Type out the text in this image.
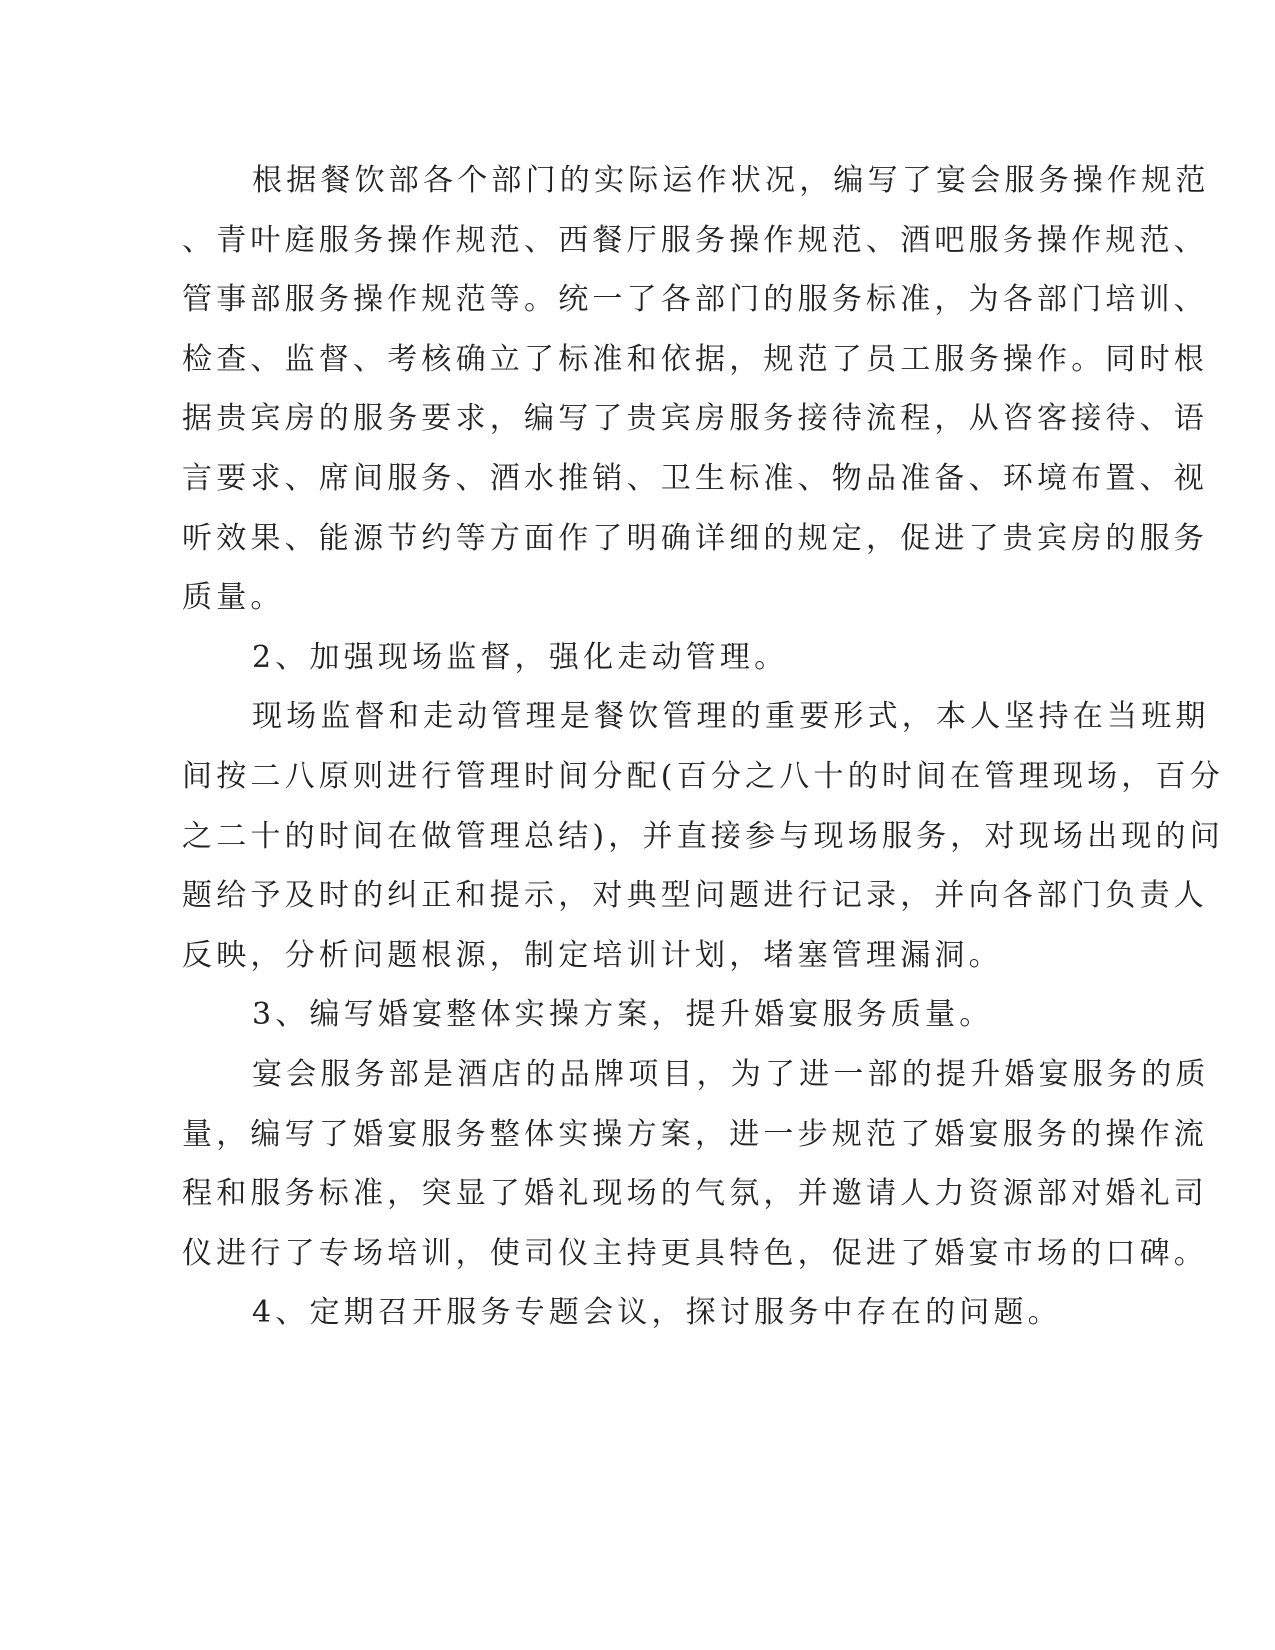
根据餐饮部各个部门的实际运作状况，编写了宴会服务操作规范
、青叶庭服务操作规范、西餐厅服务操作规范、酒吧服务操作规范、
管事部服务操作规范等。统一了各部门的服务标准，为各部门培训、
检查、监督、考核确立了标准和依据，规范了员工服务操作。同时根
据贵宾房的服务要求，编写了贵宾房服务接待流程，从咨客接待、语
言要求、席间服务、酒水推销、卫生标准、物品准备、环境布置、视
听效果、能源节约等方面作了明确详细的规定，促进了贵宾房的服务
质量。
2、加强现场监督，强化走动管理。
现场监督和走动管理是餐饮管理的重要形式，本人坚持在当班期
间按二八原则进行管理时间分配(百分之八十的时间在管理现场，百分
之二十的时间在做管理总结)，并直接参与现场服务，对现场出现的问
题给予及时的纠正和提示，对典型问题进行记录，并向各部门负责人
反映，分析问题根源，制定培训计划，堵塞管理漏洞。
3、编写婚宴整体实操方案，提升婚宴服务质量。
宴会服务部是酒店的品牌项目，为了进一部的提升婚宴服务的质
量，编写了婚宴服务整体实操方案，进一步规范了婚宴服务的操作流
程和服务标准，突显了婚礼现场的气氛，并邀请人力资源部对婚礼司
仪进行了专场培训，使司仪主持更具特色，促进了婚宴市场的口碑。
4、定期召开服务专题会议，探讨服务中存在的问题。
